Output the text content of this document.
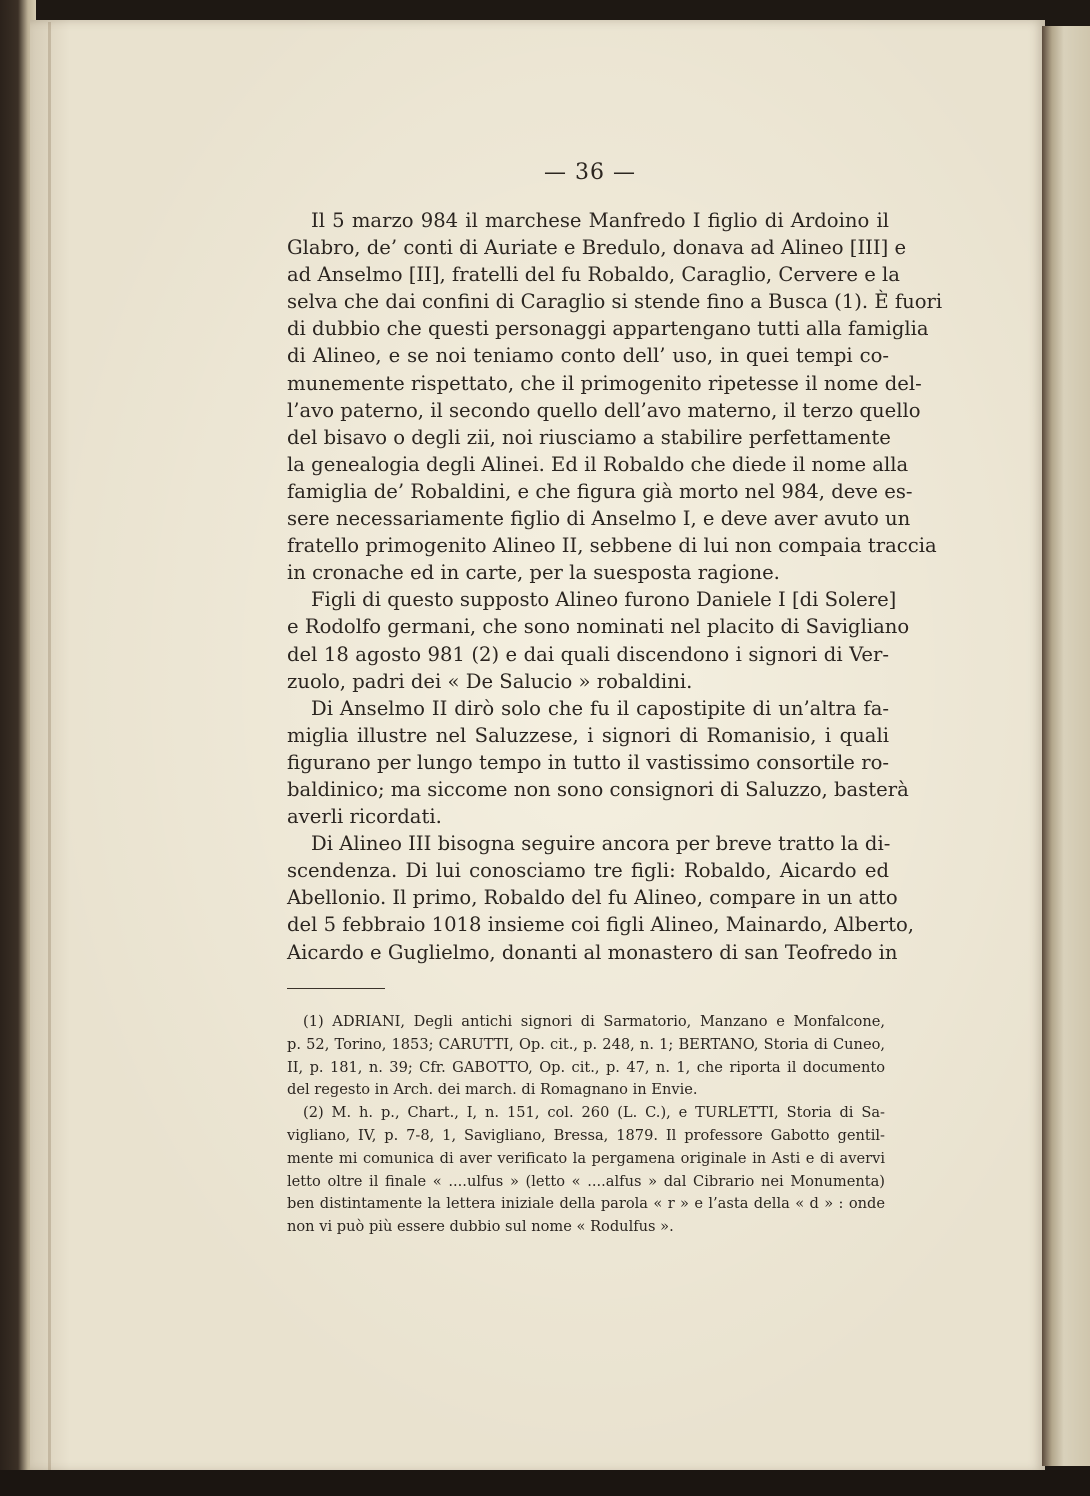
— 36 —
Il 5 marzo 984 il marchese Manfredo I figlio di Ardoino il
Glabro, de’ conti di Auriate e Bredulo, donava ad Alineo [III] e
ad Anselmo [II], fratelli del fu Robaldo, Caraglio, Cervere e la
selva che dai confini di Caraglio si stende fino a Busca (1). È fuori
di dubbio che questi personaggi appartengano tutti alla famiglia
di Alineo, e se noi teniamo conto dell’ uso, in quei tempi co-
munemente rispettato, che il primogenito ripetesse il nome del-
l’avo paterno, il secondo quello dell’avo materno, il terzo quello
del bisavo o degli zii, noi riusciamo a stabilire perfettamente
la genealogia degli Alinei. Ed il Robaldo che diede il nome alla
famiglia de’ Robaldini, e che figura già morto nel 984, deve es-
sere necessariamente figlio di Anselmo I, e deve aver avuto un
fratello primogenito Alineo II, sebbene di lui non compaia traccia
in cronache ed in carte, per la suesposta ragione.
Figli di questo supposto Alineo furono Daniele I [di Solere]
e Rodolfo germani, che sono nominati nel placito di Savigliano
del 18 agosto 981 (2) e dai quali discendono i signori di Ver-
zuolo, padri dei « De Salucio » robaldini.
Di Anselmo II dirò solo che fu il capostipite di un’altra fa-
miglia illustre nel Saluzzese, i signori di Romanisio, i quali
figurano per lungo tempo in tutto il vastissimo consortile ro-
baldinico; ma siccome non sono consignori di Saluzzo, basterà
averli ricordati.
Di Alineo III bisogna seguire ancora per breve tratto la di-
scendenza. Di lui conosciamo tre figli: Robaldo, Aicardo ed
Abellonio. Il primo, Robaldo del fu Alineo, compare in un atto
del 5 febbraio 1018 insieme coi figli Alineo, Mainardo, Alberto,
Aicardo e Guglielmo, donanti al monastero di san Teofredo in
(1) ADRIANI, Degli antichi signori di Sarmatorio, Manzano e Monfalcone,
p. 52, Torino, 1853; CARUTTI, Op. cit., p. 248, n. 1; BERTANO, Storia di Cuneo,
II, p. 181, n. 39; Cfr. GABOTTO, Op. cit., p. 47, n. 1, che riporta il documento
del regesto in Arch. dei march. di Romagnano in Envie.
(2) M. h. p., Chart., I, n. 151, col. 260 (L. C.), e TURLETTI, Storia di Sa-
vigliano, IV, p. 7-8, 1, Savigliano, Bressa, 1879. Il professore Gabotto gentil-
mente mi comunica di aver verificato la pergamena originale in Asti e di avervi
letto oltre il finale « ....ulfus » (letto « ....alfus » dal Cibrario nei Monumenta)
ben distintamente la lettera iniziale della parola « r » e l’asta della « d » : onde
non vi può più essere dubbio sul nome « Rodulfus ».
